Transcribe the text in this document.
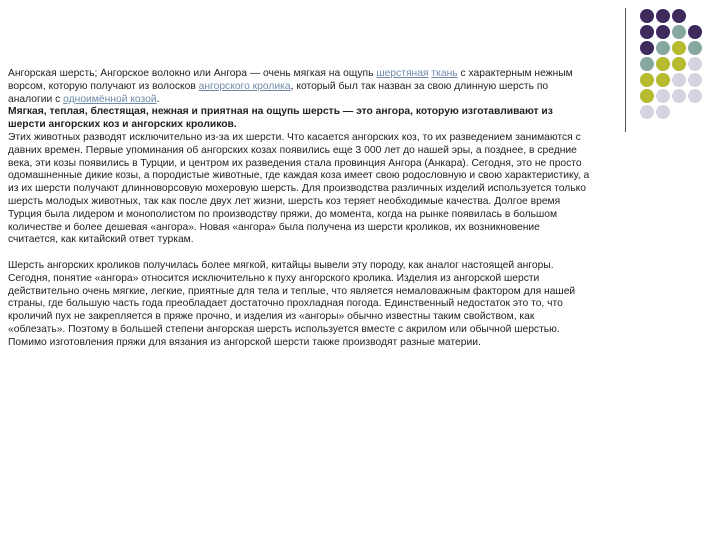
Ангорская шерсть; Ангорское волокно или Ангора — очень мягкая на ощупь шерстяная ткань с характерным нежным ворсом, которую получают из волосков ангорского кролика, который был так назван за свою длинную шерсть по аналогии с одноимённой козой.

Мягкая, теплая, блестящая, нежная и приятная на ощупь шерсть — это ангора, которую изготавливают из шерсти ангорских коз и ангорских кроликов.

Этих животных разводят исключительно из-за их шерсти. Что касается ангорских коз, то их разведением занимаются с давних времен. Первые упоминания об ангорских козах появились еще 3 000 лет до нашей эры, а позднее, в средние века, эти козы появились в Турции, и центром их разведения стала провинция Ангора (Анкара). Сегодня, это не просто одомашненные дикие козы, а породистые животные, где каждая коза имеет свою родословную и свою характеристику, а из их шерсти получают длинноворсовую мохеровую шерсть. Для производства различных изделий используется только шерсть молодых животных, так как после двух лет жизни, шерсть коз теряет необходимые качества. Долгое время Турция была лидером и монополистом по производству пряжи, до момента, когда на рынке появилась в большом количестве и более дешевая «ангора». Новая «ангора» была получена из шерсти кроликов, их возникновение считается, как китайский ответ туркам.

Шерсть ангорских кроликов получилась более мягкой, китайцы вывели эту породу, как аналог настоящей ангоры. Сегодня, понятие «ангора» относится исключительно к пуху ангорского кролика. Изделия из ангорской шерсти действительно очень мягкие, легкие, приятные для тела и теплые, что является немаловажным фактором для нашей страны, где большую часть года преобладает достаточно прохладная погода. Единственный недостаток это то, что кроличий пух не закрепляется в пряже прочно, и изделия из «ангоры» обычно известны таким свойством, как «облезать». Поэтому в большей степени ангорская шерсть используется вместе с акрилом или обычной шерстью. Помимо изготовления пряжи для вязания из ангорской шерсти также производят разные материи.
